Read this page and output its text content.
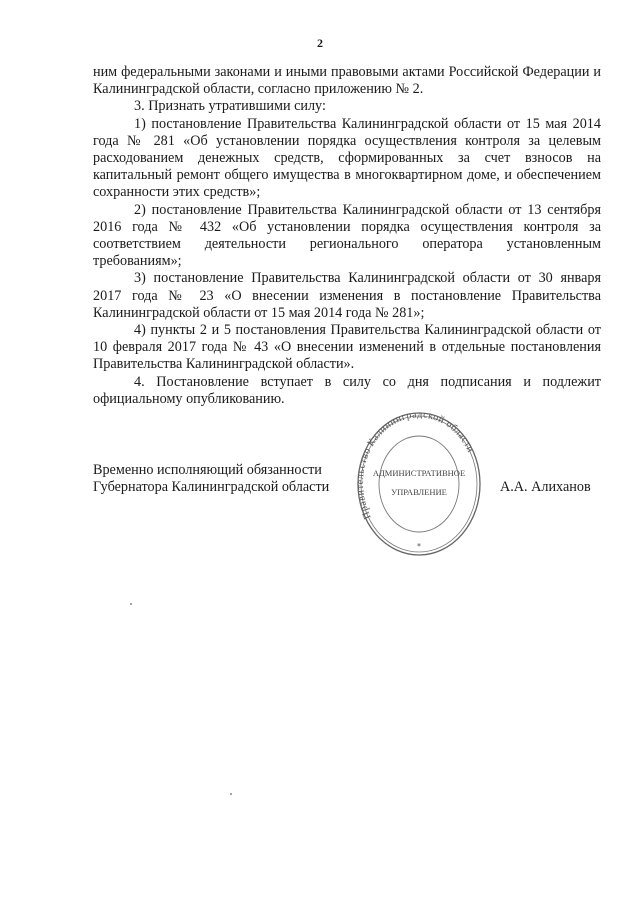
2

ним федеральными законами и иными правовыми актами Российской Федерации и Калининградской области, согласно приложению № 2.

3. Признать утратившими силу:

1) постановление Правительства Калининградской области от 15 мая 2014 года № 281 «Об установлении порядка осуществления контроля за целевым расходованием денежных средств, сформированных за счет взносов на капитальный ремонт общего имущества в многоквартирном доме, и обеспечением сохранности этих средств»;

2) постановление Правительства Калининградской области от 13 сентября 2016 года № 432 «Об установлении порядка осуществления контроля за соответствием деятельности регионального оператора установленным требованиям»;

3) постановление Правительства Калининградской области от 30 января 2017 года № 23 «О внесении изменения в постановление Правительства Калининградской области от 15 мая 2014 года № 281»;

4) пункты 2 и 5 постановления Правительства Калининградской области от 10 февраля 2017 года № 43 «О внесении изменений в отдельные постановления Правительства Калининградской области».

4. Постановление вступает в силу со дня подписания и подлежит официальному опубликованию.

Временно исполняющий обязанности
Губернатора Калининградской области	А.А. Алиханов
Правительство Калининградской области
АДМИНИСТРАТИВНОЕ
УПРАВЛЕНИЕ
*
